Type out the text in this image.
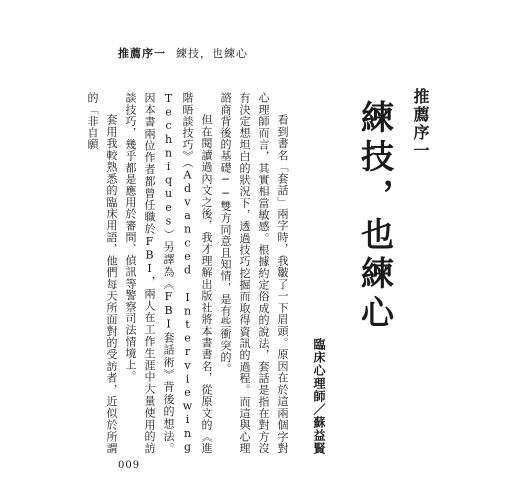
推薦序一 練技，也練心
推薦序一
練技，也練心
臨床心理師／蘇益賢

看到書名「套話」兩字時，我皺了一下眉頭。原因在於這兩個字對心理師而言，其實相當敏感。根據約定俗成的說法，套話是指在對方沒有決定想坦白的狀況下，透過技巧挖掘而取得資訊的過程。而這與心理諮商背後的基礎──雙方同意且知情，是有些衝突的。

但在閱讀過內文之後，我才理解出版社將本書書名，從原文的《進階晤談技巧》（Advanced Interviewing Techniques）另譯為《FBI套話術》背後的想法。因本書兩位作者都曾任職於FBI，兩人在工作生涯中大量使用的訪談技巧，幾乎都是應用於審問、偵訊等警察司法情境上。

套用我較熟悉的臨床用語，他們每天所面對的受訪者，近似於所謂的「非自願

009
